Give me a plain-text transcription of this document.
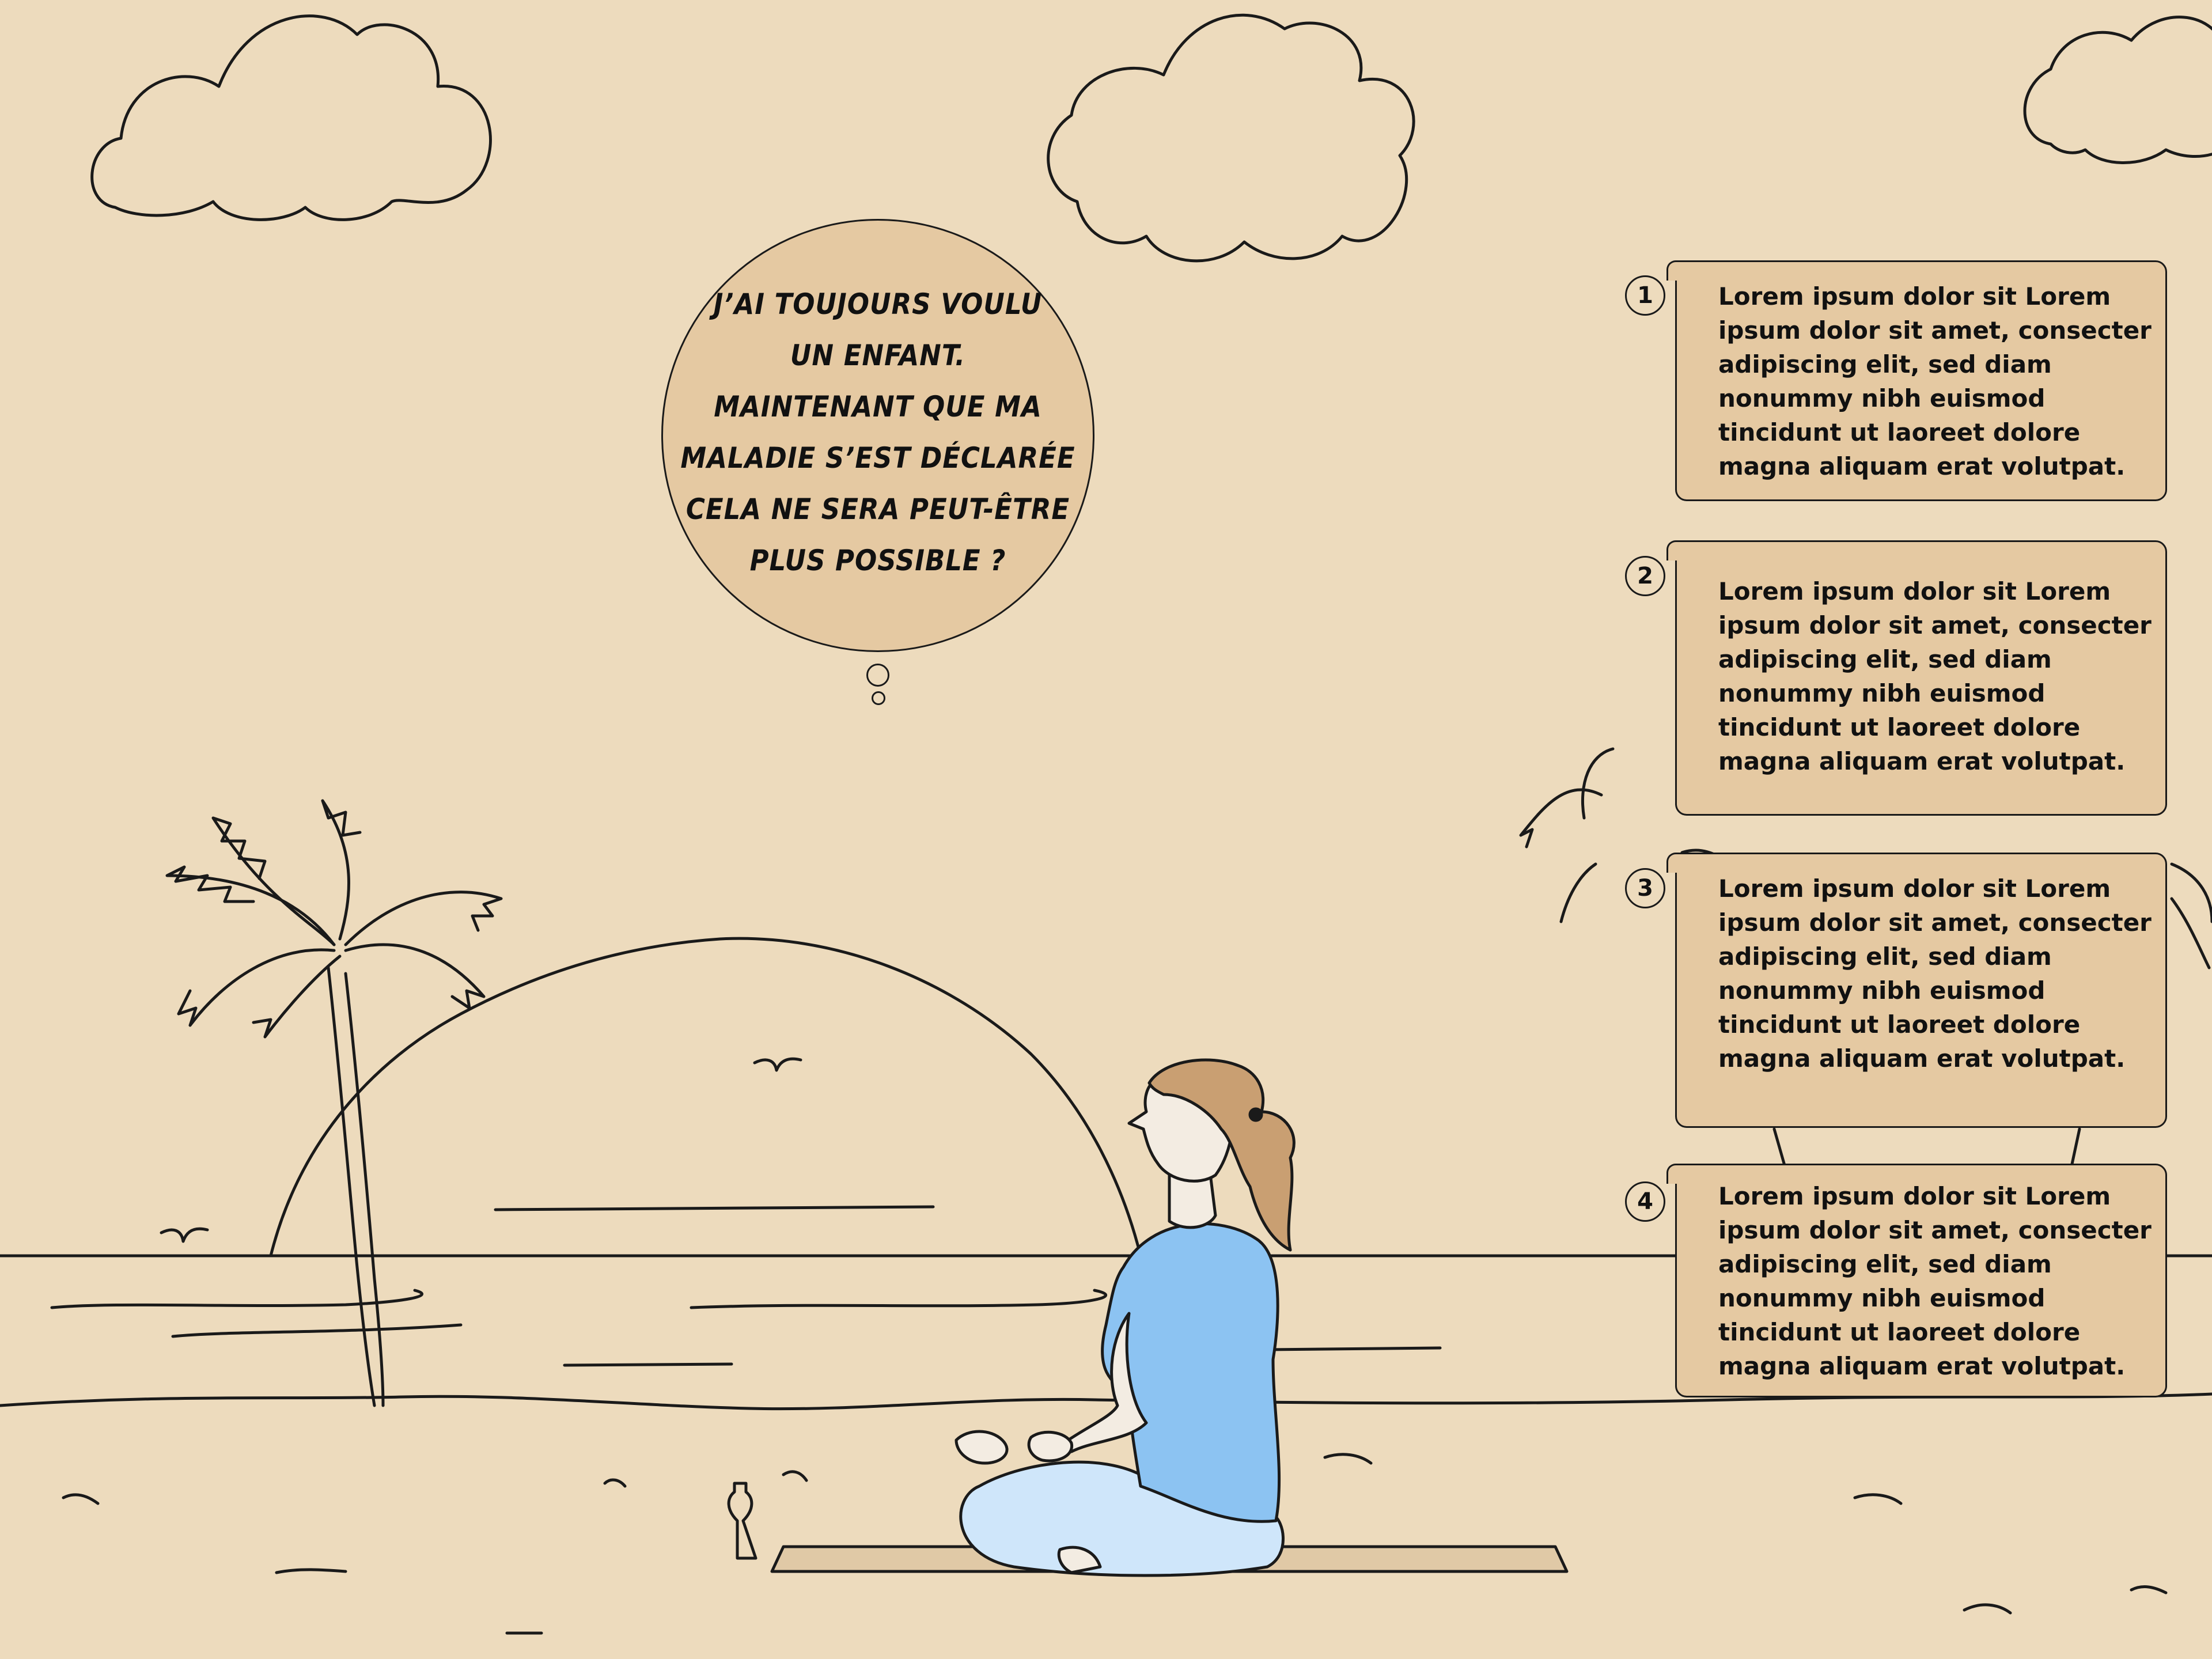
J’AI TOUJOURS VOULU
UN ENFANT.
MAINTENANT QUE MA
MALADIE S’EST DÉCLARÉE
CELA NE SERA PEUT-ÊTRE
PLUS POSSIBLE ?
1	Lorem ipsum dolor sit Lorem
ipsum dolor sit amet, consecter
adipiscing elit, sed diam
nonummy nibh euismod
tincidunt ut laoreet dolore
magna aliquam erat volutpat.
2
Lorem ipsum dolor sit Lorem
ipsum dolor sit amet, consecter
adipiscing elit, sed diam
nonummy nibh euismod
tincidunt ut laoreet dolore
magna aliquam erat volutpat.
3	Lorem ipsum dolor sit Lorem
ipsum dolor sit amet, consecter
adipiscing elit, sed diam
nonummy nibh euismod
tincidunt ut laoreet dolore
magna aliquam erat volutpat.
4	Lorem ipsum dolor sit Lorem
ipsum dolor sit amet, consecter
adipiscing elit, sed diam
nonummy nibh euismod
tincidunt ut laoreet dolore
magna aliquam erat volutpat.
